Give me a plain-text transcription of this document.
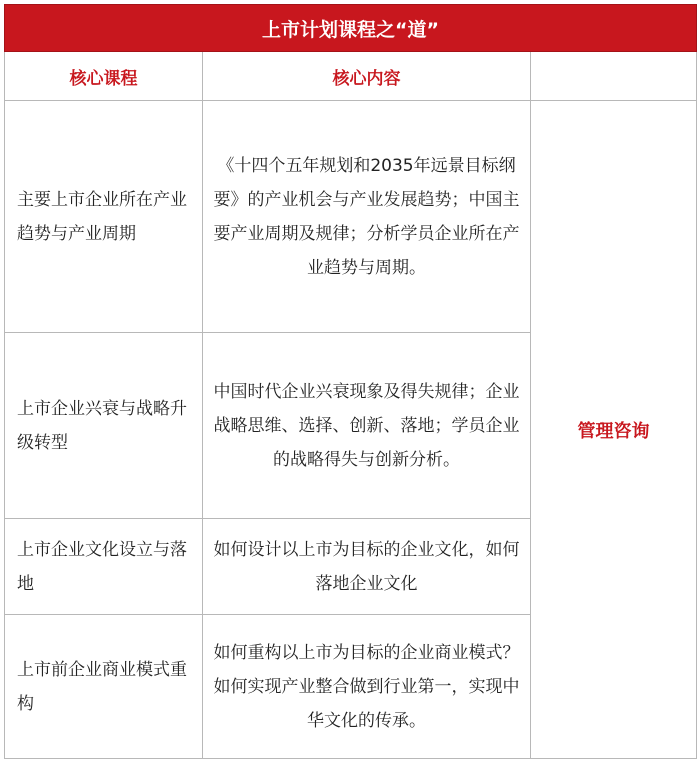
上市计划课程之“道”		
核心课程	核心内容	
主要上市企业所在产业趋势与产业周期	《十四个五年规划和2035年远景目标纲要》的产业机会与产业发展趋势；中国主要产业周期及规律；分析学员企业所在产业趋势与周期。	管理咨询
上市企业兴衰与战略升级转型	中国时代企业兴衰现象及得失规律；企业战略思维、选择、创新、落地；学员企业的战略得失与创新分析。	
上市企业文化设立与落地	如何设计以上市为目标的企业文化，如何落地企业文化	
上市前企业商业模式重构	如何重构以上市为目标的企业商业模式？如何实现产业整合做到行业第一，实现中华文化的传承。	
